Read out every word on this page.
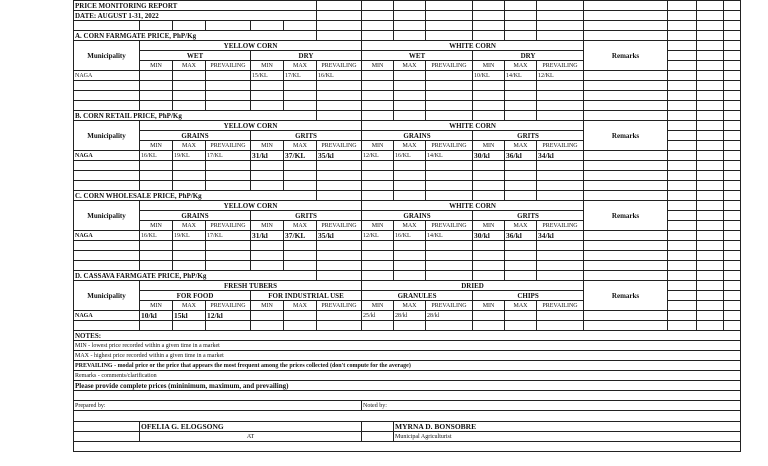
PRICE MONITORING REPORT																
DATE: AUGUST 1-31, 2022																

A. CORN FARMGATE PRICE, PhP/Kg																
Municipality	YELLOW CORN						WHITE CORN						Remarks			
	WET			DRY			WET			DRY						
	MIN	MAX	PREVAILING	MIN	MAX	PREVAILING	MIN	MAX	PREVAILING	MIN	MAX	PREVAILING				
NAGA				15/KL	17/KL	16/KL				10/KL	14/KL	12/KL				

B. CORN RETAIL PRICE, PhP/Kg																
Municipality	YELLOW CORN						WHITE CORN						Remarks			
	GRAINS			GRITS			GRAINS			GRITS						
	MIN	MAX	PREVAILING	MIN	MAX	PREVAILING	MIN	MAX	PREVAILING	MIN	MAX	PREVAILING				
NAGA	16/KL	19/KL	17/KL	31/kl	37/KL	35/kl	12/KL	16/KL	14/KL	30/kl	36/kl	34/kl				

C. CORN WHOLESALE PRICE, PhP/Kg																
Municipality	YELLOW CORN						WHITE CORN						Remarks			
	GRAINS			GRITS			GRAINS			GRITS						
	MIN	MAX	PREVAILING	MIN	MAX	PREVAILING	MIN	MAX	PREVAILING	MIN	MAX	PREVAILING				
NAGA	16/KL	19/KL	17/KL	31/kl	37/KL	35/kl	12/KL	16/KL	14/KL	30/kl	36/kl	34/kl				

D. CASSAVA FARMGATE PRICE, PhP/Kg																
Municipality	FRESH TUBERS						DRIED						Remarks			
	FOR FOOD			FOR INDUSTRIAL USE			GRANULES			CHIPS						
	MIN	MAX	PREVAILING	MIN	MAX	PREVAILING	MIN	MAX	PREVAILING	MIN	MAX	PREVAILING				
NAGA	10/kl	15kl	12/kl				25/kl	28/kl	28/kl							

NOTES:																
MIN - lowest price recorded within a given time in a market																
MAX - highest price recorded within a given time in a market																
PREVAILING - modal price or the price that appears the most frequent among the prices collected (don't compute for the average)																
Remarks - comments/clarification																
Please provide complete prices (mininimum, maximum, and prevailing)																

Prepared by:							Noted by:									

	OFELIA G. ELOGSONG							MYRNA D. BONSOBRE								
	AT							Municipal Agriculturist								
